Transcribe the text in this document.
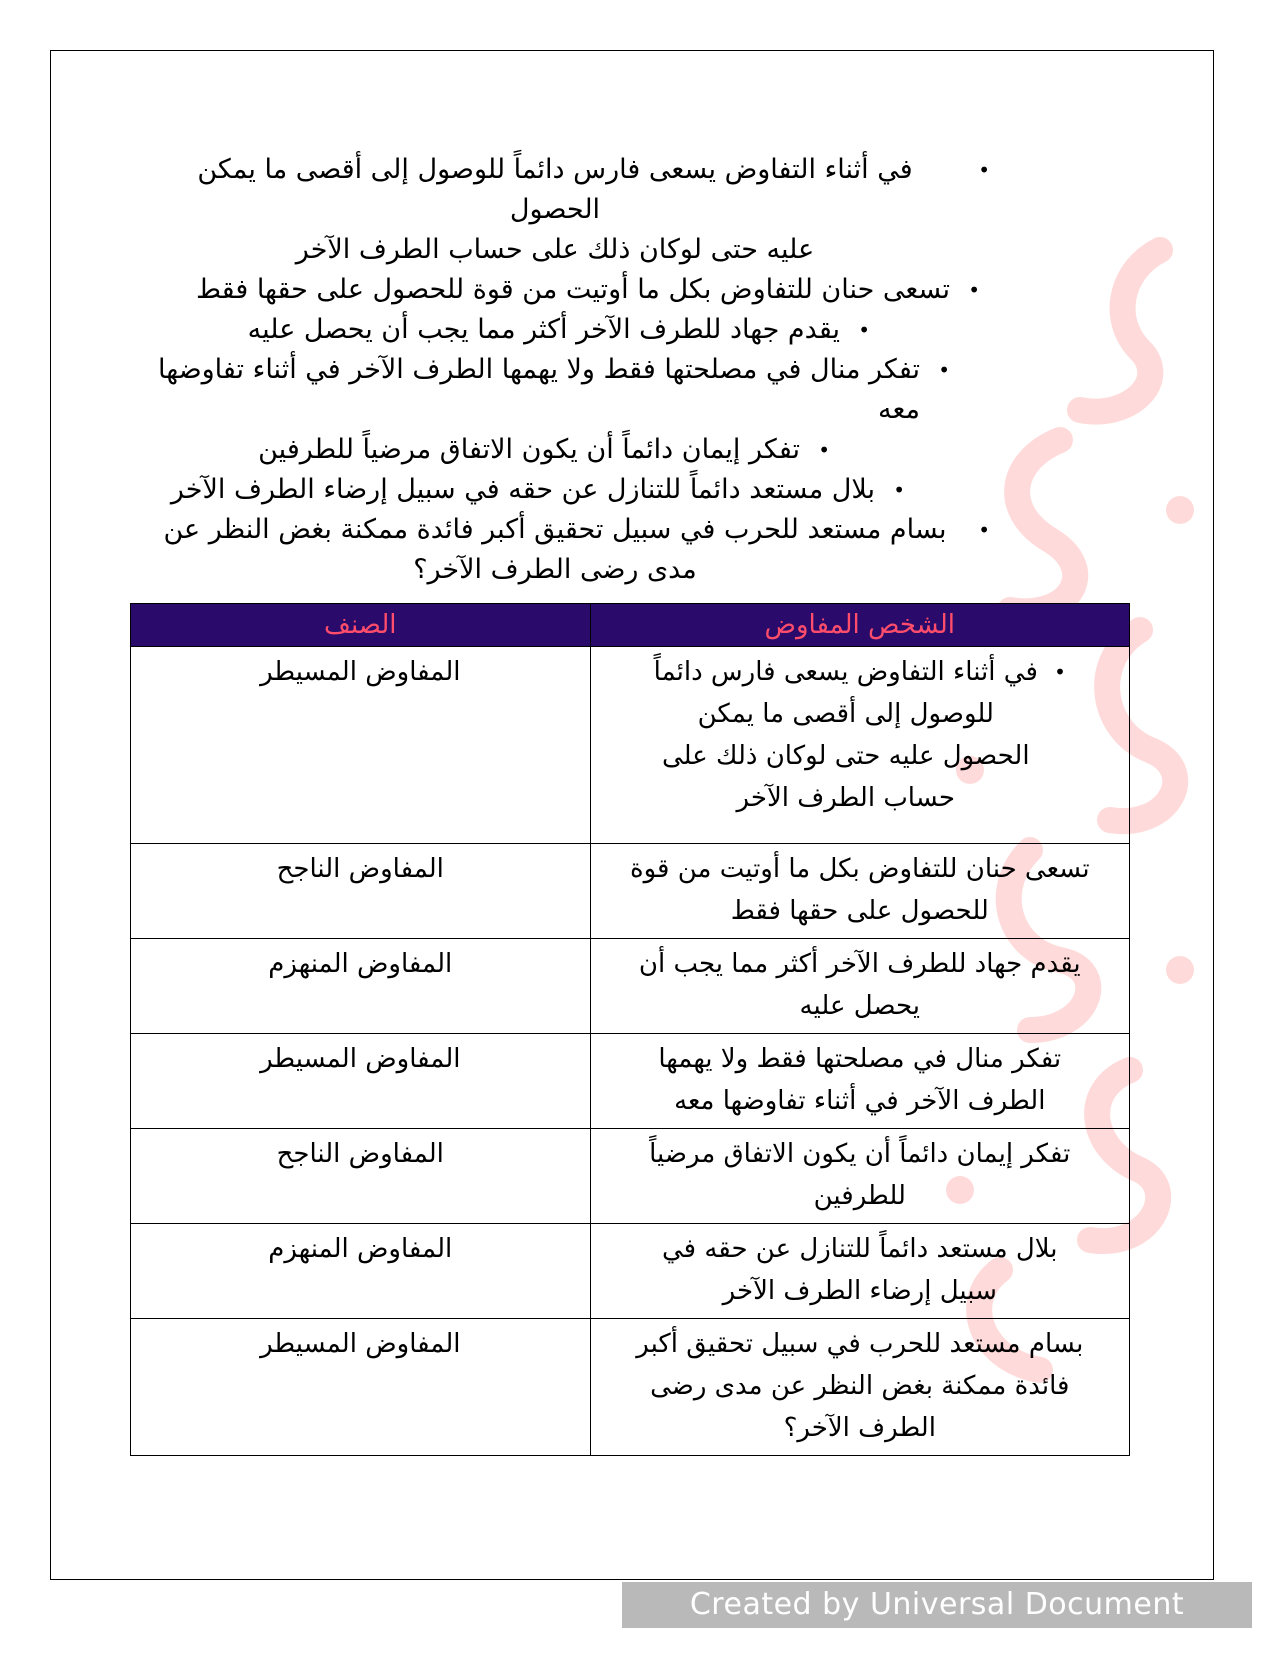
• في أثناء التفاوض يسعى فارس دائماً للوصول إلى أقصى ما يمكن الحصول
عليه حتى لوكان ذلك على حساب الطرف الآخر
• تسعى حنان للتفاوض بكل ما أوتيت من قوة للحصول على حقها فقط
• يقدم جهاد للطرف الآخر أكثر مما يجب أن يحصل عليه
• تفكر منال في مصلحتها فقط ولا يهمها الطرف الآخر في أثناء تفاوضها معه
• تفكر إيمان دائماً أن يكون الاتفاق مرضياً للطرفين
• بلال مستعد دائماً للتنازل عن حقه في سبيل إرضاء الطرف الآخر
• بسام مستعد للحرب في سبيل تحقيق أكبر فائدة ممكنة بغض النظر عن
مدى رضى الطرف الآخر؟
الشخص المفاوض	الصنف
• في أثناء التفاوض يسعى فارس دائماً
للوصول إلى أقصى ما يمكن
الحصول عليه حتى لوكان ذلك على
حساب الطرف الآخر	المفاوض المسيطر
تسعى حنان للتفاوض بكل ما أوتيت من قوة
للحصول على حقها فقط	المفاوض الناجح
يقدم جهاد للطرف الآخر أكثر مما يجب أن
يحصل عليه	المفاوض المنهزم
تفكر منال في مصلحتها فقط ولا يهمها
الطرف الآخر في أثناء تفاوضها معه	المفاوض المسيطر
تفكر إيمان دائماً أن يكون الاتفاق مرضياً
للطرفين	المفاوض الناجح
بلال مستعد دائماً للتنازل عن حقه في
سبيل إرضاء الطرف الآخر	المفاوض المنهزم
بسام مستعد للحرب في سبيل تحقيق أكبر
فائدة ممكنة بغض النظر عن مدى رضى
الطرف الآخر؟	المفاوض المسيطر
Created by Universal Document Converter
